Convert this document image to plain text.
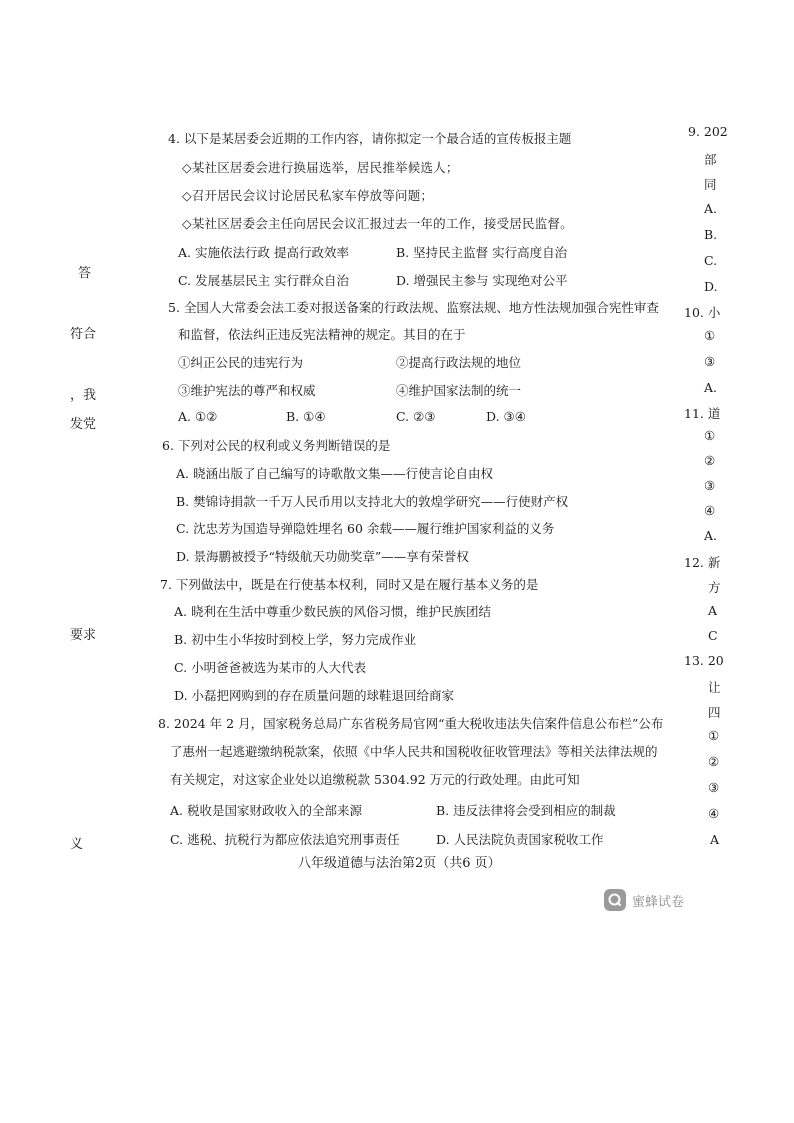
答
符合
，我
发党
要求
义
4. 以下是某居委会近期的工作内容，请你拟定一个最合适的宣传板报主题
◇某社区居委会进行换届选举，居民推举候选人；
◇召开居民会议讨论居民私家车停放等问题；
◇某社区居委会主任向居民会议汇报过去一年的工作，接受居民监督。
A. 实施依法行政 提高行政效率	B. 坚持民主监督 实行高度自治
C. 发展基层民主 实行群众自治	D. 增强民主参与 实现绝对公平
5. 全国人大常委会法工委对报送备案的行政法规、监察法规、地方性法规加强合宪性审查
和监督，依法纠正违反宪法精神的规定。其目的在于
①纠正公民的违宪行为	②提高行政法规的地位
③维护宪法的尊严和权威	④维护国家法制的统一
A. ①②	B. ①④	C. ②③	D. ③④
6. 下列对公民的权利或义务判断错误的是
A. 晓涵出版了自己编写的诗歌散文集——行使言论自由权
B. 樊锦诗捐款一千万人民币用以支持北大的敦煌学研究——行使财产权
C. 沈忠芳为国造导弹隐姓埋名 60 余载——履行维护国家利益的义务
D. 景海鹏被授予“特级航天功勋奖章”——享有荣誉权
7. 下列做法中，既是在行使基本权利，同时又是在履行基本义务的是
A. 晓利在生活中尊重少数民族的风俗习惯，维护民族团结
B. 初中生小华按时到校上学，努力完成作业
C. 小明爸爸被选为某市的人大代表
D. 小磊把网购到的存在质量问题的球鞋退回给商家
8. 2024 年 2 月，国家税务总局广东省税务局官网“重大税收违法失信案件信息公布栏”公布
了惠州一起逃避缴纳税款案，依照《中华人民共和国税收征收管理法》等相关法律法规的
有关规定，对这家企业处以追缴税款 5304.92 万元的行政处理。由此可知
A. 税收是国家财政收入的全部来源	B. 违反法律将会受到相应的制裁
C. 逃税、抗税行为都应依法追究刑事责任	D. 人民法院负责国家税收工作
八年级道德与法治第2页（共6 页）
9. 202
部
同
A.
B.
C.
D.
10. 小
①
③
A.
11. 道
①
②
③
④
A.
12. 新
方
A
C
13. 20
让
四
①
②
③
④
A
蜜蜂试卷
